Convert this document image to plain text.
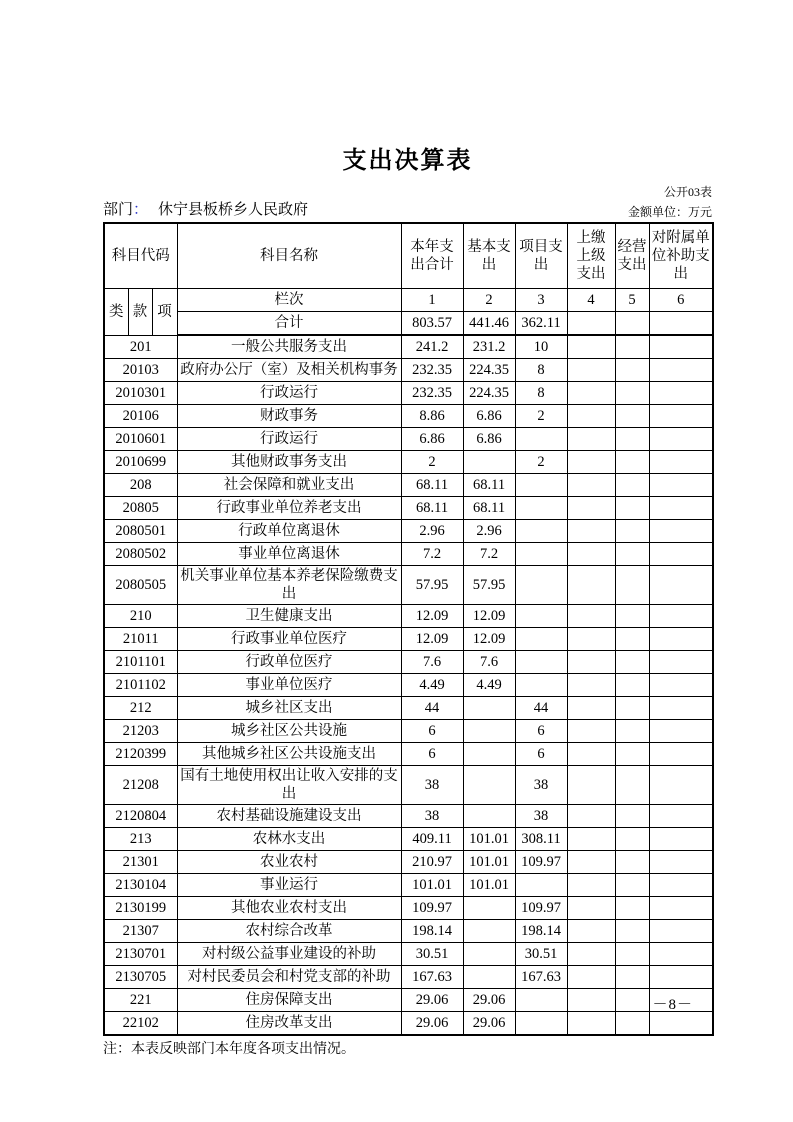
支出决算表
公开03表
部门： 休宁县板桥乡人民政府	金额单位：万元
科目代码			科目名称	本年支出合计	基本支出	项目支出	上缴上级支出	经营支出	对附属单位补助支出
类	款	项	栏次	1	2	3	4	5	6
			合计	803.57	441.46	362.11			
201			一般公共服务支出	241.2	231.2	10			
20103			政府办公厅（室）及相关机构事务	232.35	224.35	8			
2010301			行政运行	232.35	224.35	8			
20106			财政事务	8.86	6.86	2			
2010601			行政运行	6.86	6.86				
2010699			其他财政事务支出	2		2			
208			社会保障和就业支出	68.11	68.11				
20805			行政事业单位养老支出	68.11	68.11				
2080501			行政单位离退休	2.96	2.96				
2080502			事业单位离退休	7.2	7.2				
2080505			机关事业单位基本养老保险缴费支出	57.95	57.95				
210			卫生健康支出	12.09	12.09				
21011			行政事业单位医疗	12.09	12.09				
2101101			行政单位医疗	7.6	7.6				
2101102			事业单位医疗	4.49	4.49				
212			城乡社区支出	44		44			
21203			城乡社区公共设施	6		6			
2120399			其他城乡社区公共设施支出	6		6			
21208			国有土地使用权出让收入安排的支出	38		38			
2120804			农村基础设施建设支出	38		38			
213			农林水支出	409.11	101.01	308.11			
21301			农业农村	210.97	101.01	109.97			
2130104			事业运行	101.01	101.01				
2130199			其他农业农村支出	109.97		109.97			
21307			农村综合改革	198.14		198.14			
2130701			对村级公益事业建设的补助	30.51		30.51			
2130705			对村民委员会和村党支部的补助	167.63		167.63			
221			住房保障支出	29.06	29.06				
22102			住房改革支出	29.06	29.06				
注：本表反映部门本年度各项支出情况。
－8－
